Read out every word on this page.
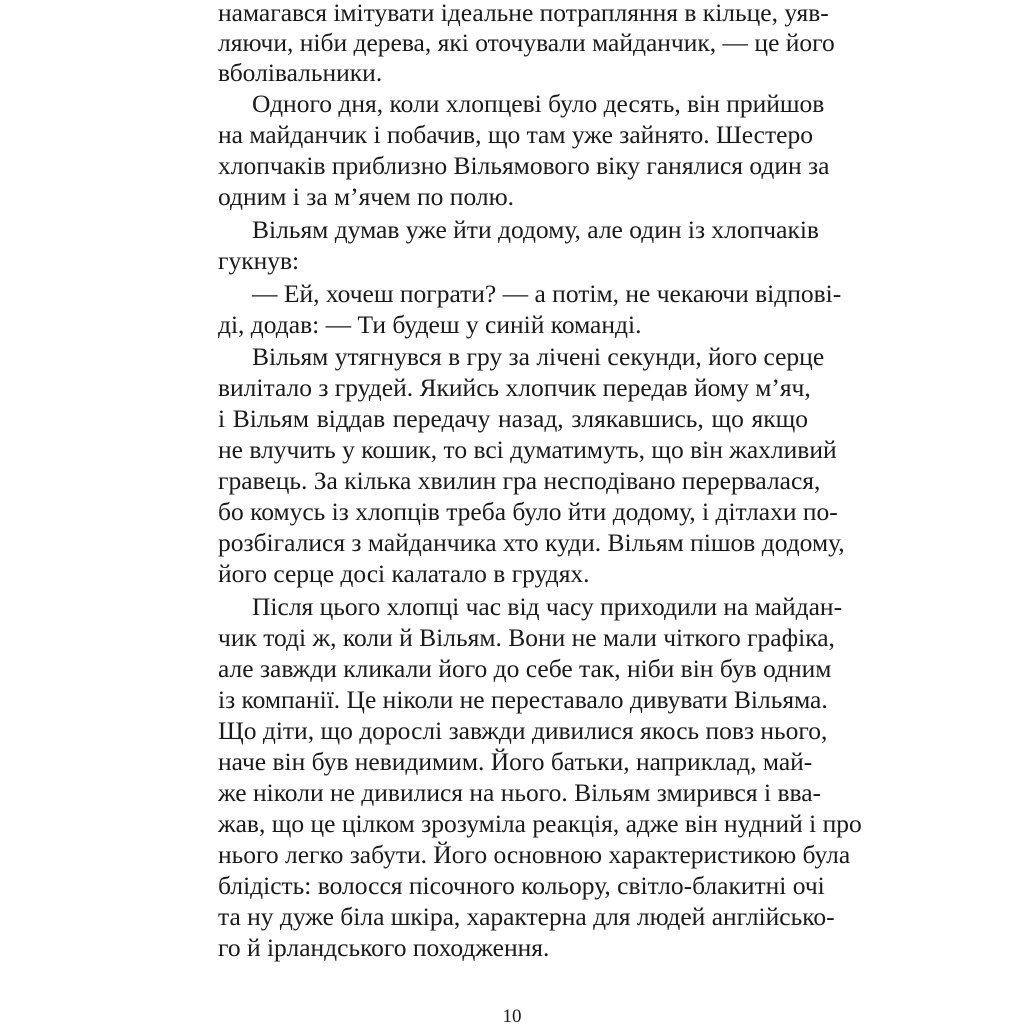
намагався імітувати ідеальне потрапляння в кільце, уяв-
ляючи, ніби дерева, які оточували майданчик, — це його
вболівальники.
Одного дня, коли хлопцеві було десять, він прийшов
на майданчик і побачив, що там уже зайнято. Шестеро
хлопчаків приблизно Вільямового віку ганялися один за
одним і за м’ячем по полю.
Вільям думав уже йти додому, але один із хлопчаків
гукнув:
— Ей, хочеш пограти? — а потім, не чекаючи відпові-
ді, додав: — Ти будеш у синій команді.
Вільям утягнувся в гру за лічені секунди, його серце
вилітало з грудей. Якийсь хлопчик передав йому м’яч,
і Вільям віддав передачу назад, злякавшись, що якщо
не влучить у кошик, то всі думатимуть, що він жахливий
гравець. За кілька хвилин гра несподівано перервалася,
бо комусь із хлопців треба було йти додому, і дітлахи по-
розбігалися з майданчика хто куди. Вільям пішов додому,
його серце досі калатало в грудях.
Після цього хлопці час від часу приходили на майдан-
чик тоді ж, коли й Вільям. Вони не мали чіткого графіка,
але завжди кликали його до себе так, ніби він був одним
із компанії. Це ніколи не переставало дивувати Вільяма.
Що діти, що дорослі завжди дивилися якось повз нього,
наче він був невидимим. Його батьки, наприклад, май-
же ніколи не дивилися на нього. Вільям змирився і вва-
жав, що це цілком зрозуміла реакція, адже він нудний і про
нього легко забути. Його основною характеристикою була
блідість: волосся пісочного кольору, світло-блакитні очі
та ну дуже біла шкіра, характерна для людей англійсько-
го й ірландського походження.
10
